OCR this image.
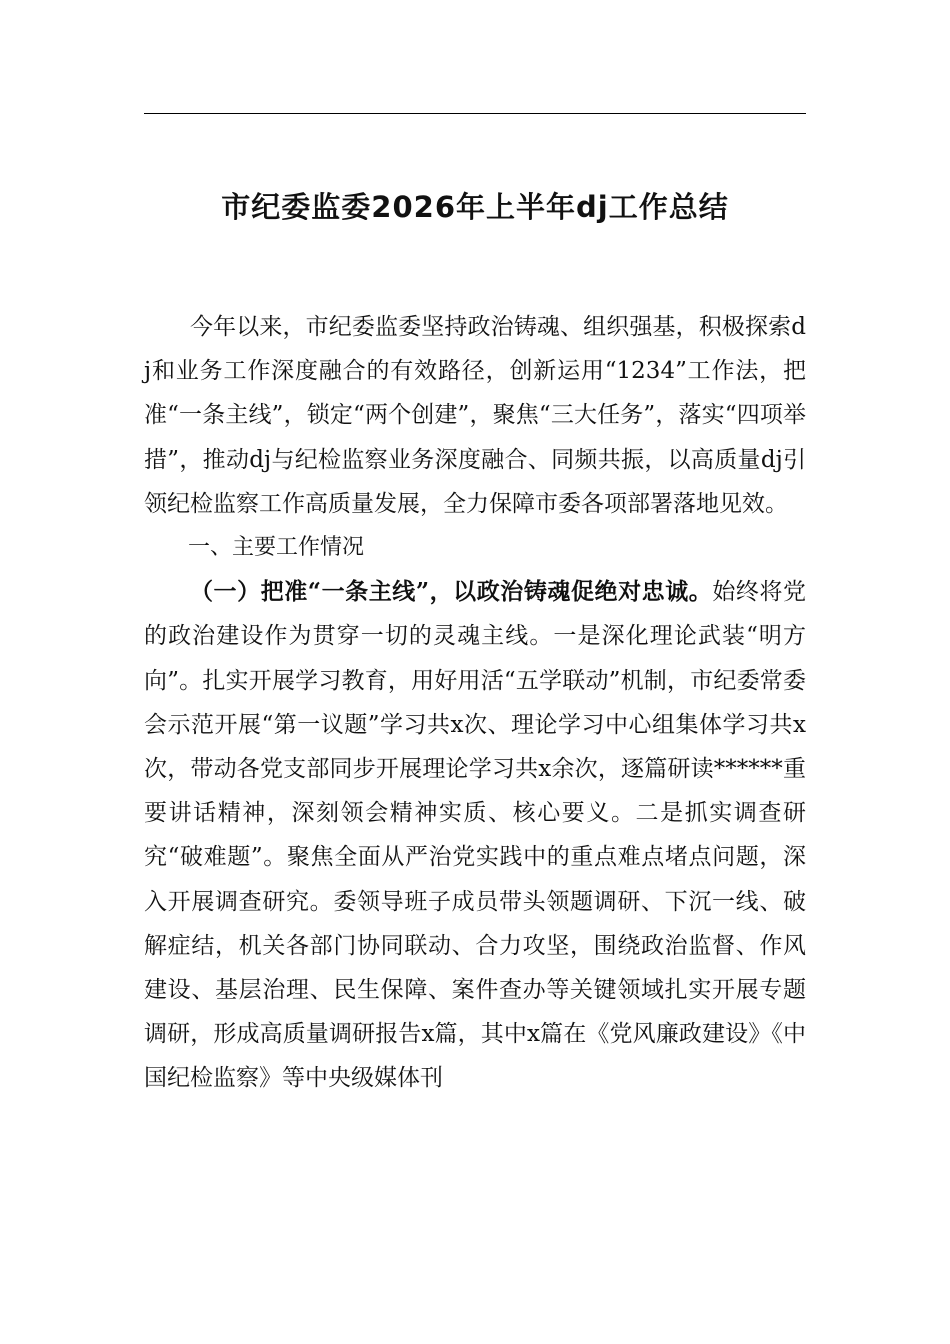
市纪委监委2026年上半年dj工作总结

今年以来，市纪委监委坚持政治铸魂、组织强基，积极探索dj和业务工作深度融合的有效路径，创新运用“1234”工作法，把准“一条主线”，锁定“两个创建”，聚焦“三大任务”，落实“四项举措”，推动dj与纪检监察业务深度融合、同频共振，以高质量dj引领纪检监察工作高质量发展，全力保障市委各项部署落地见效。

一、主要工作情况

（一）把准“一条主线”，以政治铸魂促绝对忠诚。始终将党的政治建设作为贯穿一切的灵魂主线。一是深化理论武装“明方向”。扎实开展学习教育，用好用活“五学联动”机制，市纪委常委会示范开展“第一议题”学习共x次、理论学习中心组集体学习共x次，带动各党支部同步开展理论学习共x余次，逐篇研读******重要讲话精神，深刻领会精神实质、核心要义。二是抓实调查研究“破难题”。聚焦全面从严治党实践中的重点难点堵点问题，深入开展调查研究。委领导班子成员带头领题调研、下沉一线、破解症结，机关各部门协同联动、合力攻坚，围绕政治监督、作风建设、基层治理、民生保障、案件查办等关键领域扎实开展专题调研，形成高质量调研报告x篇，其中x篇在《党风廉政建设》《中国纪检监察》等中央级媒体刊
